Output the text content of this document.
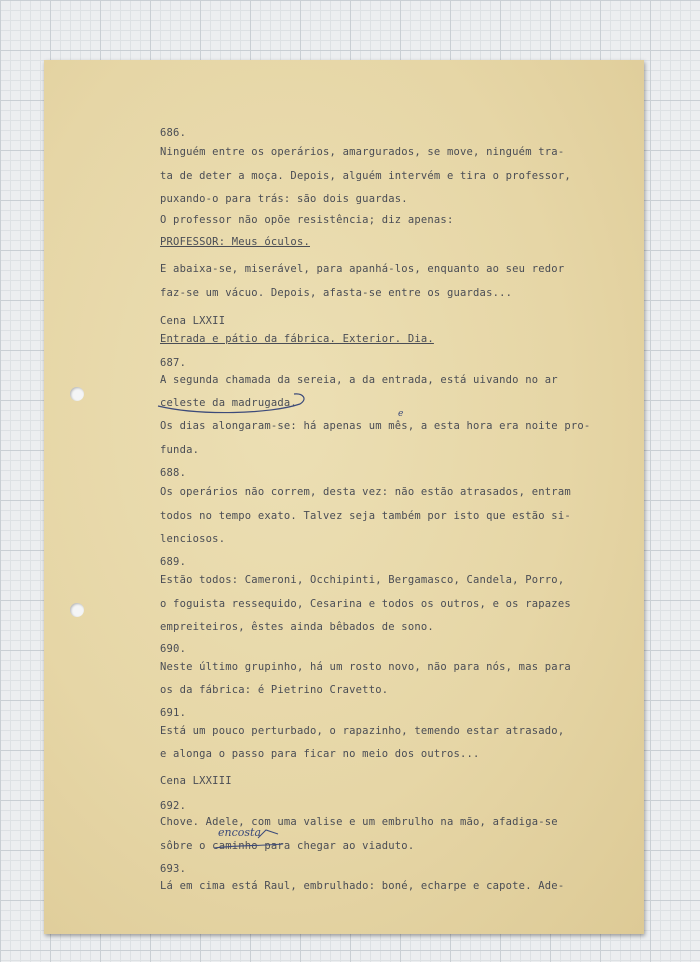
686.
Ninguém entre os operários, amargurados, se move, ninguém tra-
ta de deter a moça. Depois, alguém intervém e tira o professor,
puxando-o para trás: são dois guardas.
O professor não opõe resistência; diz apenas:
PROFESSOR: Meus óculos.
E abaixa-se, miserável, para apanhá-los, enquanto ao seu redor
faz-se um vácuo. Depois, afasta-se entre os guardas...
Cena LXXII
Entrada e pátio da fábrica. Exterior. Dia.
687.
A segunda chamada da sereia, a da entrada, está uivando no ar
celeste da madrugada.
Os dias alongaram-se: há apenas um mês, a esta hora era noite pro-
funda.
688.
Os operários não correm, desta vez: não estão atrasados, entram
todos no tempo exato. Talvez seja também por isto que estão si-
lenciosos.
689.
Estão todos: Cameroni, Occhipinti, Bergamasco, Candela, Porro,
o foguista ressequido, Cesarina e todos os outros, e os rapazes
empreiteiros, êstes ainda bêbados de sono.
690.
Neste último grupinho, há um rosto novo, não para nós, mas para
os da fábrica: é Pietrino Cravetto.
691.
Está um pouco perturbado, o rapazinho, temendo estar atrasado,
e alonga o passo para ficar no meio dos outros...
Cena LXXIII
692.
Chove. Adele, com uma valise e um embrulho na mão, afadiga-se
sôbre o caminho para chegar ao viaduto.
693.
Lá em cima está Raul, embrulhado: boné, echarpe e capote. Ade-
encosta
e
